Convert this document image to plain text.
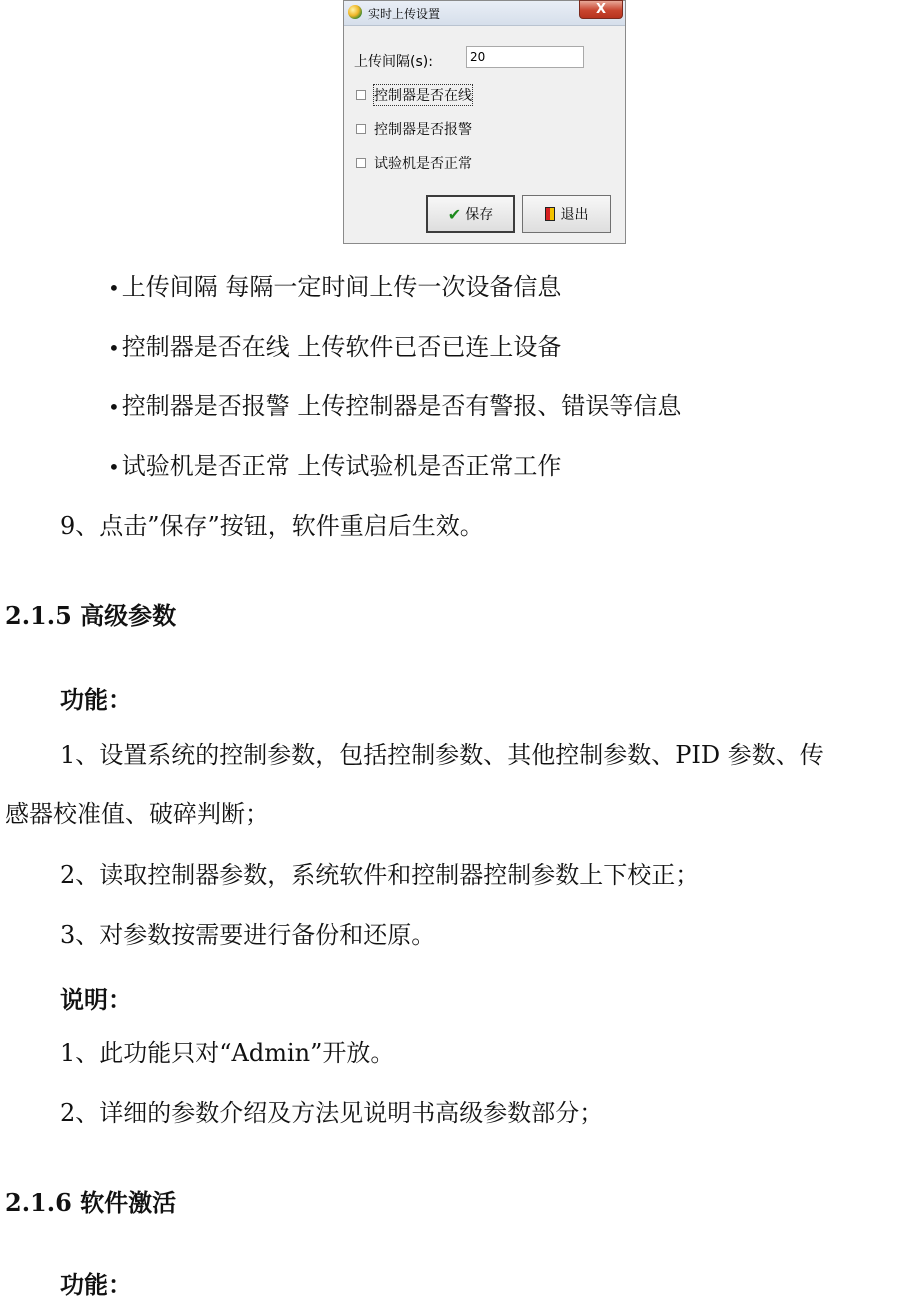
实时上传设置	X
上传间隔(s):
20
控制器是否在线
控制器是否报警
试验机是否正常
✔ 保存	退出
•上传间隔 每隔一定时间上传一次设备信息
•控制器是否在线 上传软件已否已连上设备
•控制器是否报警 上传控制器是否有警报、错误等信息
•试验机是否正常 上传试验机是否正常工作
9、点击”保存”按钮，软件重启后生效。
2.1.5 高级参数
功能：
1、设置系统的控制参数，包括控制参数、其他控制参数、PID 参数、传
感器校准值、破碎判断；
2、读取控制器参数，系统软件和控制器控制参数上下校正；
3、对参数按需要进行备份和还原。
说明：
1、此功能只对“Admin”开放。
2、详细的参数介绍及方法见说明书高级参数部分；
2.1.6 软件激活
功能：
